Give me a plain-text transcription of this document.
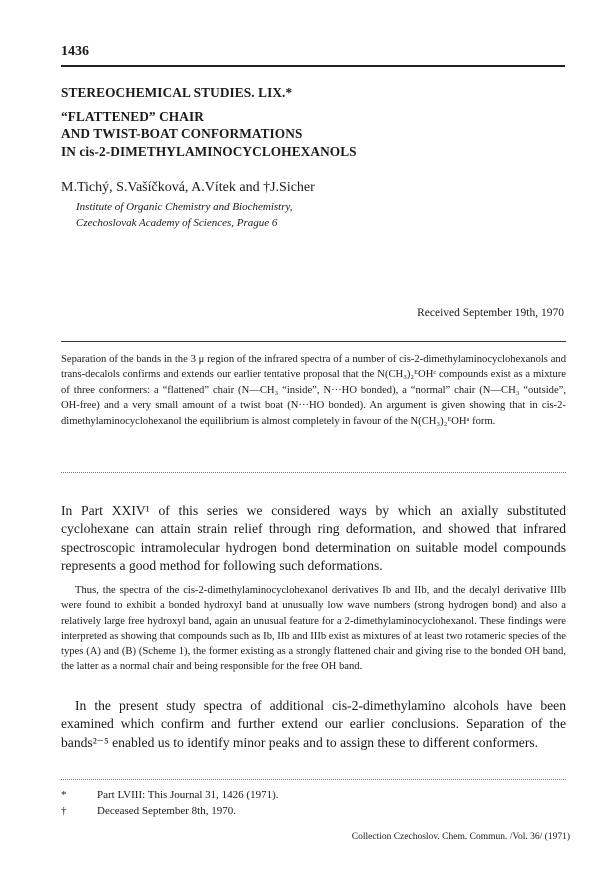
1436
STEREOCHEMICAL STUDIES. LIX.*
“FLATTENED” CHAIR
AND TWIST-BOAT CONFORMATIONS
IN cis-2-DIMETHYLAMINOCYCLOHEXANOLS
M.Tichý, S.Vašíčková, A.Vítek and †J.Sicher
Institute of Organic Chemistry and Biochemistry,
Czechoslovak Academy of Sciences, Prague 6
Received September 19th, 1970

Separation of the bands in the 3 μ region of the infrared spectra of a number of cis-2-dimethylaminocyclohexanols and trans-decalols confirms and extends our earlier tentative proposal that the N(CH₃)₂ᴱOHᶜ compounds exist as a mixture of three conformers: a “flattened” chair (N—CH₃ “inside”, N···HO bonded), a “normal” chair (N—CH₃ “outside”, OH-free) and a very small amount of a twist boat (N···HO bonded). An argument is given showing that in cis-2-dimethylaminocyclohexanol the equilibrium is almost completely in favour of the N(CH₃)₂ᴱOHᵃ form.

In Part XXIV¹ of this series we considered ways by which an axially substituted cyclohexane can attain strain relief through ring deformation, and showed that infrared spectroscopic intramolecular hydrogen bond determination on suitable model compounds represents a good method for following such deformations.

Thus, the spectra of the cis-2-dimethylaminocyclohexanol derivatives Ib and IIb, and the decalyl derivative IIIb were found to exhibit a bonded hydroxyl band at unusually low wave numbers (strong hydrogen bond) and also a relatively large free hydroxyl band, again an unusual feature for a 2-dimethylaminocyclohexanol. These findings were interpreted as showing that compounds such as Ib, IIb and IIIb exist as mixtures of at least two rotameric species of the types (A) and (B) (Scheme 1), the former existing as a strongly flattened chair and giving rise to the bonded OH band, the latter as a normal chair and being responsible for the free OH band.

In the present study spectra of additional cis-2-dimethylamino alcohols have been examined which confirm and further extend our earlier conclusions. Separation of the bands²⁻⁵ enabled us to identify minor peaks and to assign these to different conformers.

*	Part LVIII: This Journal 31, 1426 (1971).
†	Deceased September 8th, 1970.
Collection Czechoslov. Chem. Commun. /Vol. 36/ (1971)
